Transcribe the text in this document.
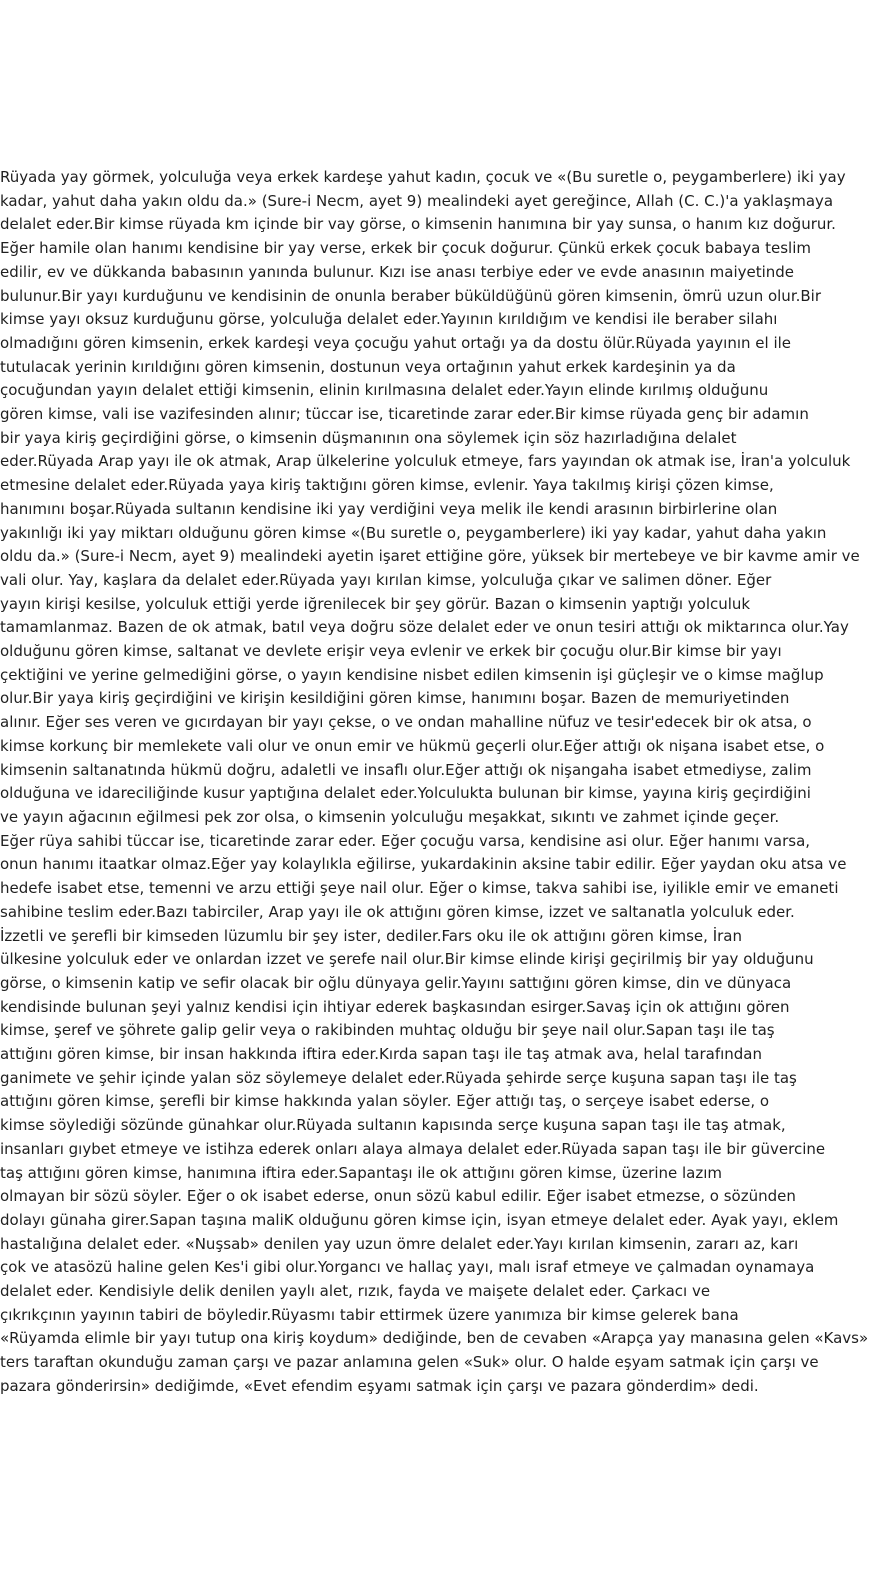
Rüyada yay görmek, yolculuğa veya erkek kardeşe yahut kadın, çocuk ve «(Bu suretle o, peygamberlere) iki yay
kadar, yahut daha yakın oldu da.» (Sure-i Necm, ayet 9) mealindeki ayet gereğince, Allah (C. C.)'a yaklaşmaya
delalet eder.Bir kimse rüyada km içinde bir vay görse, o kimsenin hanımına bir yay sunsa, o hanım kız doğurur.
Eğer hamile olan hanımı kendisine bir yay verse, erkek bir çocuk doğurur. Çünkü erkek çocuk babaya teslim
edilir, ev ve dükkanda babasının yanında bulunur. Kızı ise anası terbiye eder ve evde anasının maiyetinde
bulunur.Bir yayı kurduğunu ve kendisinin de onunla beraber büküldüğünü gören kimsenin, ömrü uzun olur.Bir
kimse yayı oksuz kurduğunu görse, yolculuğa delalet eder.Yayının kırıldığım ve kendisi ile beraber silahı
olmadığını gören kimsenin, erkek kardeşi veya çocuğu yahut ortağı ya da dostu ölür.Rüyada yayının el ile
tutulacak yerinin kırıldığını gören kimsenin, dostunun veya ortağının yahut erkek kardeşinin ya da
çocuğundan yayın delalet ettiği kimsenin, elinin kırılmasına delalet eder.Yayın elinde kırılmış olduğunu
gören kimse, vali ise vazifesinden alınır; tüccar ise, ticaretinde zarar eder.Bir kimse rüyada genç bir adamın
bir yaya kiriş geçirdiğini görse, o kimsenin düşmanının ona söylemek için söz hazırladığına delalet
eder.Rüyada Arap yayı ile ok atmak, Arap ülkelerine yolculuk etmeye, fars yayından ok atmak ise, İran'a yolculuk
etmesine delalet eder.Rüyada yaya kiriş taktığını gören kimse, evlenir. Yaya takılmış kirişi çözen kimse,
hanımını boşar.Rüyada sultanın kendisine iki yay verdiğini veya melik ile kendi arasının birbirlerine olan
yakınlığı iki yay miktarı olduğunu gören kimse «(Bu suretle o, peygamberlere) iki yay kadar, yahut daha yakın
oldu da.» (Sure-i Necm, ayet 9) mealindeki ayetin işaret ettiğine göre, yüksek bir mertebeye ve bir kavme amir ve
vali olur. Yay, kaşlara da delalet eder.Rüyada yayı kırılan kimse, yolculuğa çıkar ve salimen döner. Eğer
yayın kirişi kesilse, yolculuk ettiği yerde iğrenilecek bir şey görür. Bazan o kimsenin yaptığı yolculuk
tamamlanmaz. Bazen de ok atmak, batıl veya doğru söze delalet eder ve onun tesiri attığı ok miktarınca olur.Yay
olduğunu gören kimse, saltanat ve devlete erişir veya evlenir ve erkek bir çocuğu olur.Bir kimse bir yayı
çektiğini ve yerine gelmediğini görse, o yayın kendisine nisbet edilen kimsenin işi güçleşir ve o kimse mağlup
olur.Bir yaya kiriş geçirdiğini ve kirişin kesildiğini gören kimse, hanımını boşar. Bazen de memuriyetinden
alınır. Eğer ses veren ve gıcırdayan bir yayı çekse, o ve ondan mahalline nüfuz ve tesir'edecek bir ok atsa, o
kimse korkunç bir memlekete vali olur ve onun emir ve hükmü geçerli olur.Eğer attığı ok nişana isabet etse, o
kimsenin saltanatında hükmü doğru, adaletli ve insaflı olur.Eğer attığı ok nişangaha isabet etmediyse, zalim
olduğuna ve idareciliğinde kusur yaptığına delalet eder.Yolculukta bulunan bir kimse, yayına kiriş geçirdiğini
ve yayın ağacının eğilmesi pek zor olsa, o kimsenin yolculuğu meşakkat, sıkıntı ve zahmet içinde geçer.
Eğer rüya sahibi tüccar ise, ticaretinde zarar eder. Eğer çocuğu varsa, kendisine asi olur. Eğer hanımı varsa,
onun hanımı itaatkar olmaz.Eğer yay kolaylıkla eğilirse, yukardakinin aksine tabir edilir. Eğer yaydan oku atsa ve
hedefe isabet etse, temenni ve arzu ettiği şeye nail olur. Eğer o kimse, takva sahibi ise, iyilikle emir ve emaneti
sahibine teslim eder.Bazı tabirciler, Arap yayı ile ok attığını gören kimse, izzet ve saltanatla yolculuk eder.
İzzetli ve şerefli bir kimseden lüzumlu bir şey ister, dediler.Fars oku ile ok attığını gören kimse, İran
ülkesine yolculuk eder ve onlardan izzet ve şerefe nail olur.Bir kimse elinde kirişi geçirilmiş bir yay olduğunu
görse, o kimsenin katip ve sefir olacak bir oğlu dünyaya gelir.Yayını sattığını gören kimse, din ve dünyaca
kendisinde bulunan şeyi yalnız kendisi için ihtiyar ederek başkasından esirger.Savaş için ok attığını gören
kimse, şeref ve şöhrete galip gelir veya o rakibinden muhtaç olduğu bir şeye nail olur.Sapan taşı ile taş
attığını gören kimse, bir insan hakkında iftira eder.Kırda sapan taşı ile taş atmak ava, helal tarafından
ganimete ve şehir içinde yalan söz söylemeye delalet eder.Rüyada şehirde serçe kuşuna sapan taşı ile taş
attığını gören kimse, şerefli bir kimse hakkında yalan söyler. Eğer attığı taş, o serçeye isabet ederse, o
kimse söylediği sözünde günahkar olur.Rüyada sultanın kapısında serçe kuşuna sapan taşı ile taş atmak,
insanları gıybet etmeye ve istihza ederek onları alaya almaya delalet eder.Rüyada sapan taşı ile bir güvercine
taş attığını gören kimse, hanımına iftira eder.Sapantaşı ile ok attığını gören kimse, üzerine lazım
olmayan bir sözü söyler. Eğer o ok isabet ederse, onun sözü kabul edilir. Eğer isabet etmezse, o sözünden
dolayı günaha girer.Sapan taşına maliK olduğunu gören kimse için, isyan etmeye delalet eder. Ayak yayı, eklem
hastalığına delalet eder. «Nuşsab» denilen yay uzun ömre delalet eder.Yayı kırılan kimsenin, zararı az, karı
çok ve atasözü haline gelen Kes'i gibi olur.Yorgancı ve hallaç yayı, malı israf etmeye ve çalmadan oynamaya
delalet eder. Kendisiyle delik denilen yaylı alet, rızık, fayda ve maişete delalet eder. Çarkacı ve
çıkrıkçının yayının tabiri de böyledir.Rüyasmı tabir ettirmek üzere yanımıza bir kimse gelerek bana
«Rüyamda elimle bir yayı tutup ona kiriş koydum» dediğinde, ben de cevaben «Arapça yay manasına gelen «Kavs»
ters taraftan okunduğu zaman çarşı ve pazar anlamına gelen «Suk» olur. O halde eşyam satmak için çarşı ve
pazara gönderirsin» dediğimde, «Evet efendim eşyamı satmak için çarşı ve pazara gönderdim» dedi.
